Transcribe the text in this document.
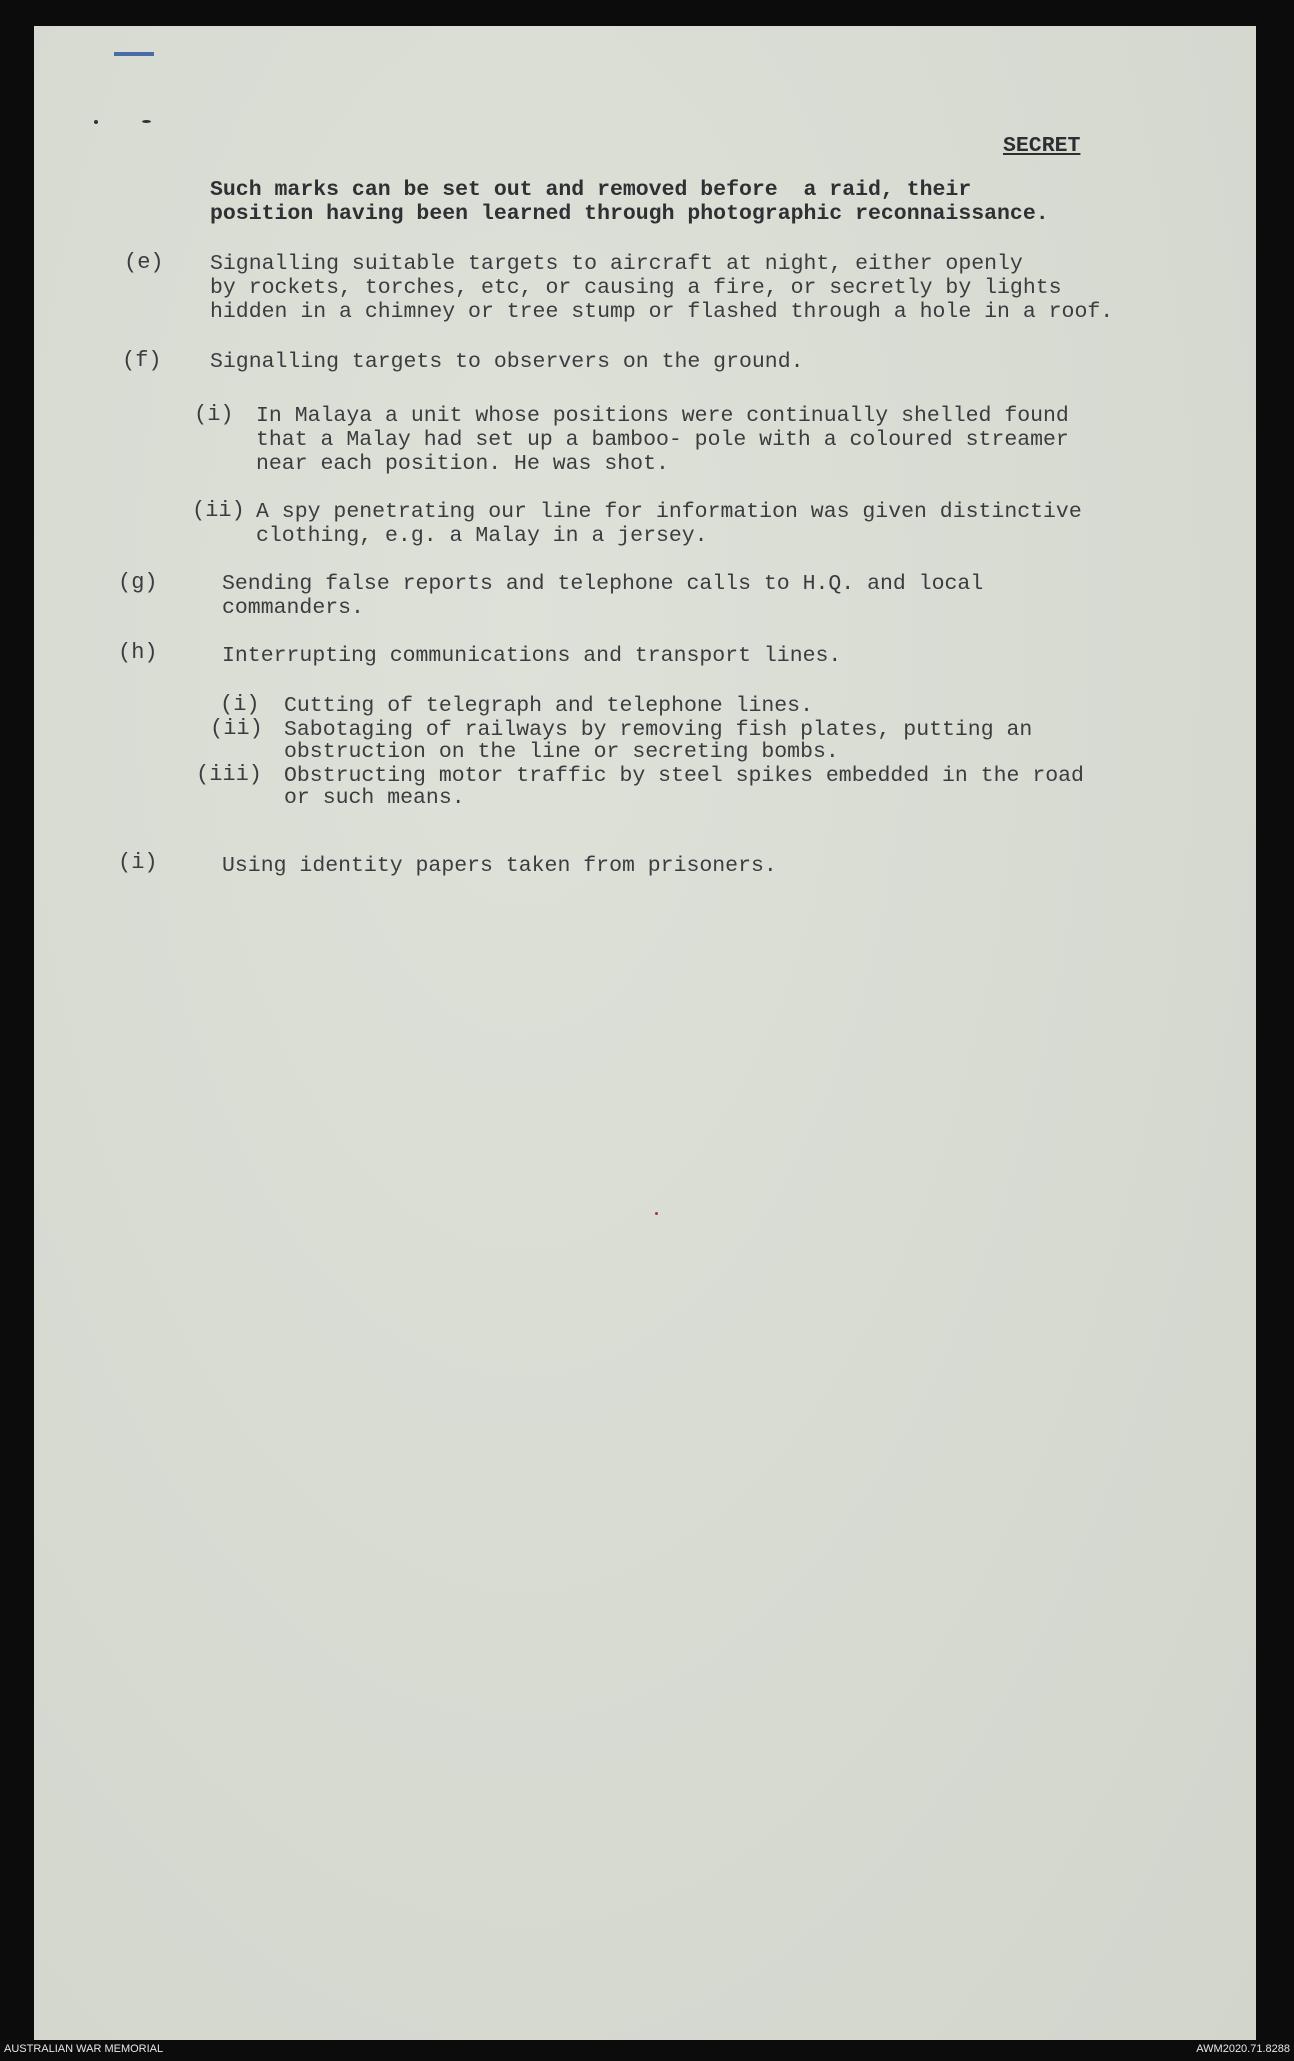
SECRET
Such marks can be set out and removed before  a raid, their
position having been learned through photographic reconnaissance.
(e) Signalling suitable targets to aircraft at night, either openly
by rockets, torches, etc, or causing a fire, or secretly by lights
hidden in a chimney or tree stump or flashed through a hole in a roof.
(f) Signalling targets to observers on the ground.
(i) In Malaya a unit whose positions were continually shelled found
that a Malay had set up a bamboo- pole with a coloured streamer
near each position. He was shot.
(ii) A spy penetrating our line for information was given distinctive
clothing, e.g. a Malay in a jersey.
(g)	Sending false reports and telephone calls to H.Q. and local
commanders.
(h)	Interrupting communications and transport lines.
(i) Cutting of telegraph and telephone lines.
(ii) Sabotaging of railways by removing fish plates, putting an
obstruction on the line or secreting bombs.
(iii) Obstructing motor traffic by steel spikes embedded in the road
or such means.
(i)	Using identity papers taken from prisoners.
AUSTRALIAN WAR MEMORIAL	AWM2020.71.8288
